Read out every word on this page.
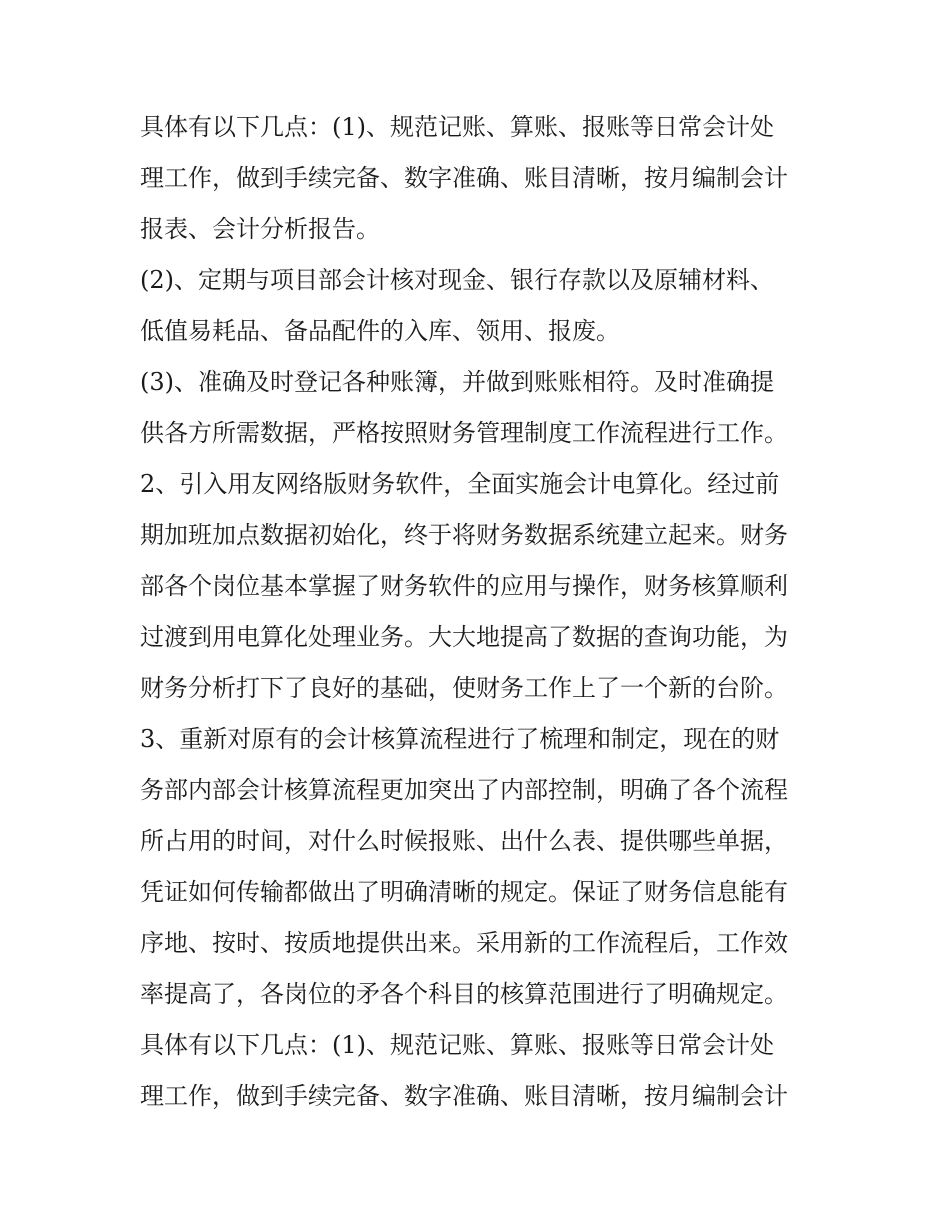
具体有以下几点：(1)、规范记账、算账、报账等日常会计处
理工作，做到手续完备、数字准确、账目清晰，按月编制会计
报表、会计分析报告。
(2)、定期与项目部会计核对现金、银行存款以及原辅材料、
低值易耗品、备品配件的入库、领用、报废。
(3)、准确及时登记各种账簿，并做到账账相符。及时准确提
供各方所需数据，严格按照财务管理制度工作流程进行工作。
2、引入用友网络版财务软件，全面实施会计电算化。经过前
期加班加点数据初始化，终于将财务数据系统建立起来。财务
部各个岗位基本掌握了财务软件的应用与操作，财务核算顺利
过渡到用电算化处理业务。大大地提高了数据的查询功能，为
财务分析打下了良好的基础，使财务工作上了一个新的台阶。
3、重新对原有的会计核算流程进行了梳理和制定，现在的财
务部内部会计核算流程更加突出了内部控制，明确了各个流程
所占用的时间，对什么时候报账、出什么表、提供哪些单据，
凭证如何传输都做出了明确清晰的规定。保证了财务信息能有
序地、按时、按质地提供出来。采用新的工作流程后，工作效
率提高了，各岗位的矛各个科目的核算范围进行了明确规定。
具体有以下几点：(1)、规范记账、算账、报账等日常会计处
理工作，做到手续完备、数字准确、账目清晰，按月编制会计
